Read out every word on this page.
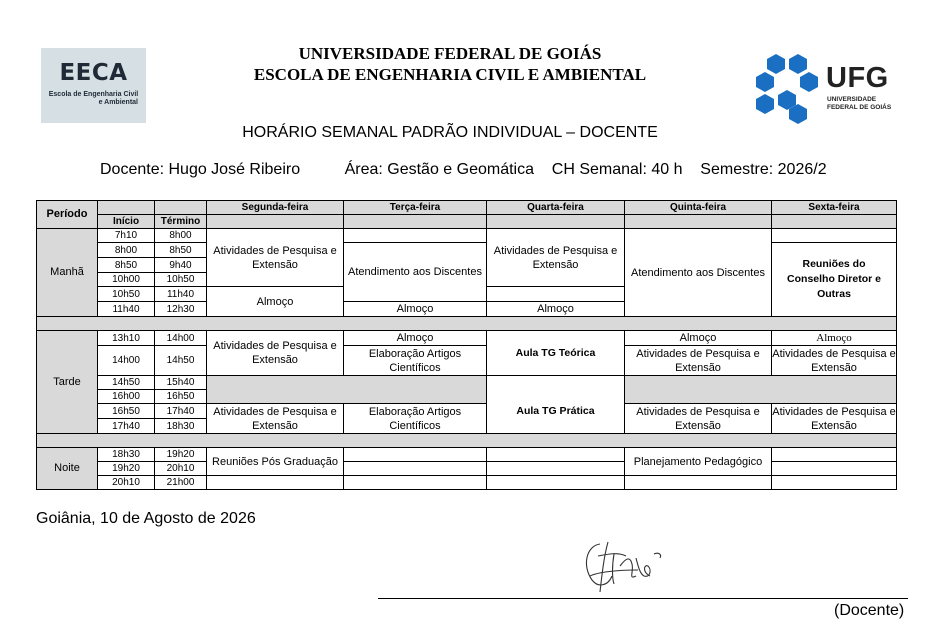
EECA
Escola de Engenharia Civil
e Ambiental
UNIVERSIDADE FEDERAL DE GOIÁS
ESCOLA DE ENGENHARIA CIVIL E AMBIENTAL	UFG
UNIVERSIDADE
FEDERAL DE GOIÁS
HORÁRIO SEMANAL PADRÃO INDIVIDUAL – DOCENTE
Docente: Hugo José Ribeiro	Área: Gestão e Geomática CH Semanal: 40 h Semestre: 2026/2
Período			Segunda-feira	Terça-feira	Quarta-feira	Quinta-feira	Sexta-feira
	Início	Término					
Manhã	7h10	8h00	Atividades de Pesquisa e Extensão		Atividades de Pesquisa e Extensão	Atendimento aos Discentes	
	8h00	8h50		Atendimento aos Discentes			Reuniões do Conselho Diretor e Outras
	8h50	9h40					
	10h00	10h50					
	10h50	11h40	Almoço				
	11h40	12h30		Almoço	Almoço		

Tarde	13h10	14h00	Atividades de Pesquisa e Extensão	Almoço	Aula TG Teórica	Almoço	Almoço
	14h00	14h50		Elaboração Artigos Científicos		Atividades de Pesquisa e Extensão	Atividades de Pesquisa e Extensão
	14h50	15h40					
	16h00	16h50			Aula TG Prática		
	16h50	17h40	Atividades de Pesquisa e Extensão	Elaboração Artigos Científicos		Atividades de Pesquisa e Extensão	Atividades de Pesquisa e Extensão
	17h40	18h30					

Noite	18h30	19h20	Reuniões Pós Graduação			Planejamento Pedagógico	
	19h20	20h10					
	20h10	21h00					
Goiânia, 10 de Agosto de 2026
(Docente)
